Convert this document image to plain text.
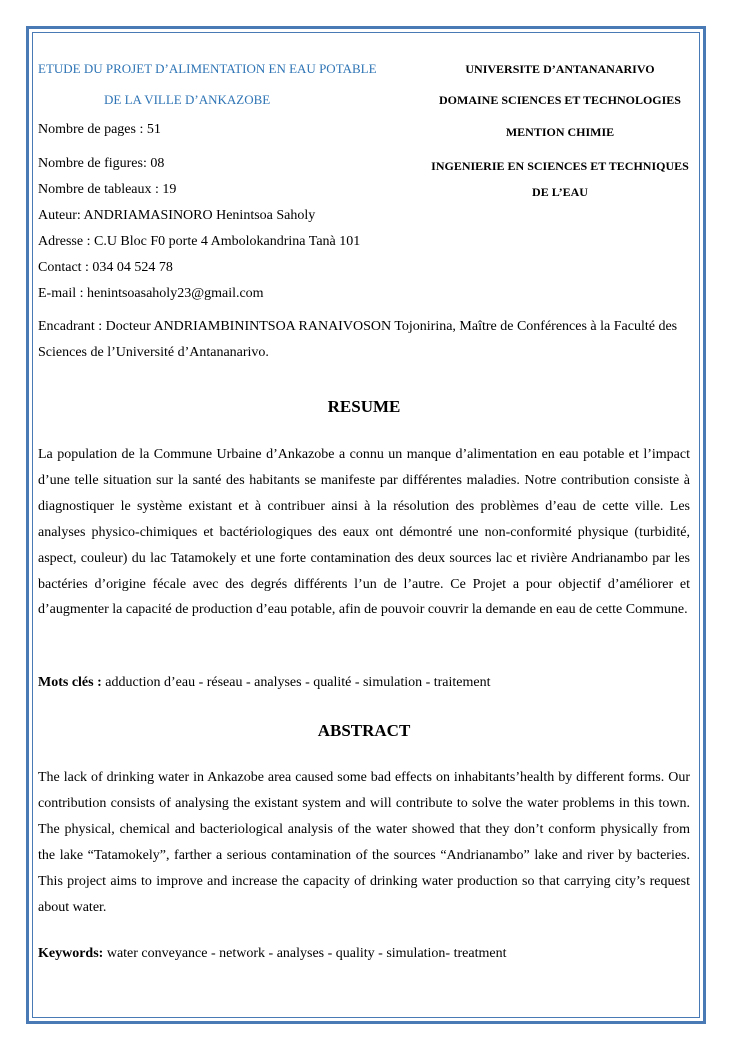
ETUDE DU PROJET D’ALIMENTATION EN EAU POTABLE
DE LA VILLE D’ANKAZOBE
UNIVERSITE D’ANTANANARIVO
DOMAINE SCIENCES ET TECHNOLOGIES
MENTION CHIMIE
INGENIERIE EN SCIENCES ET TECHNIQUES
DE L’EAU
Nombre de pages : 51
Nombre de figures: 08
Nombre de tableaux : 19
Auteur: ANDRIAMASINORO Henintsoa Saholy
Adresse : C.U Bloc F0 porte 4 Ambolokandrina Tanà 101
Contact : 034 04 524 78
E-mail : henintsoasaholy23@gmail.com
Encadrant : Docteur ANDRIAMBININTSOA RANAIVOSON Tojonirina, Maître de Conférences à la Faculté des Sciences de l’Université d’Antananarivo.
RESUME
La population de la Commune Urbaine d’Ankazobe a connu un manque d’alimentation en eau potable et l’impact d’une telle situation sur la santé des habitants se manifeste par différentes maladies. Notre contribution consiste à diagnostiquer le système existant et à contribuer ainsi à la résolution des problèmes d’eau de cette ville. Les analyses physico-chimiques et bactériologiques des eaux ont démontré une non-conformité physique (turbidité, aspect, couleur) du lac Tatamokely et une forte contamination des deux sources lac et rivière Andrianambo par les bactéries d’origine fécale avec des degrés différents l’un de l’autre. Ce Projet a pour objectif d’améliorer et d’augmenter la capacité de production d’eau potable, afin de pouvoir couvrir la demande en eau de cette Commune.
Mots clés : adduction d’eau - réseau - analyses - qualité - simulation - traitement
ABSTRACT
The lack of drinking water in Ankazobe area caused some bad effects on inhabitants’health by different forms. Our contribution consists of analysing the existant system and will contribute to solve the water problems in this town. The physical, chemical and bacteriological analysis of the water showed that they don’t conform physically from the lake “Tatamokely”, farther a serious contamination of the sources “Andrianambo” lake and river by bacteries. This project aims to improve and increase the capacity of drinking water production so that carrying city’s request about water.
Keywords: water conveyance - network - analyses - quality - simulation- treatment
